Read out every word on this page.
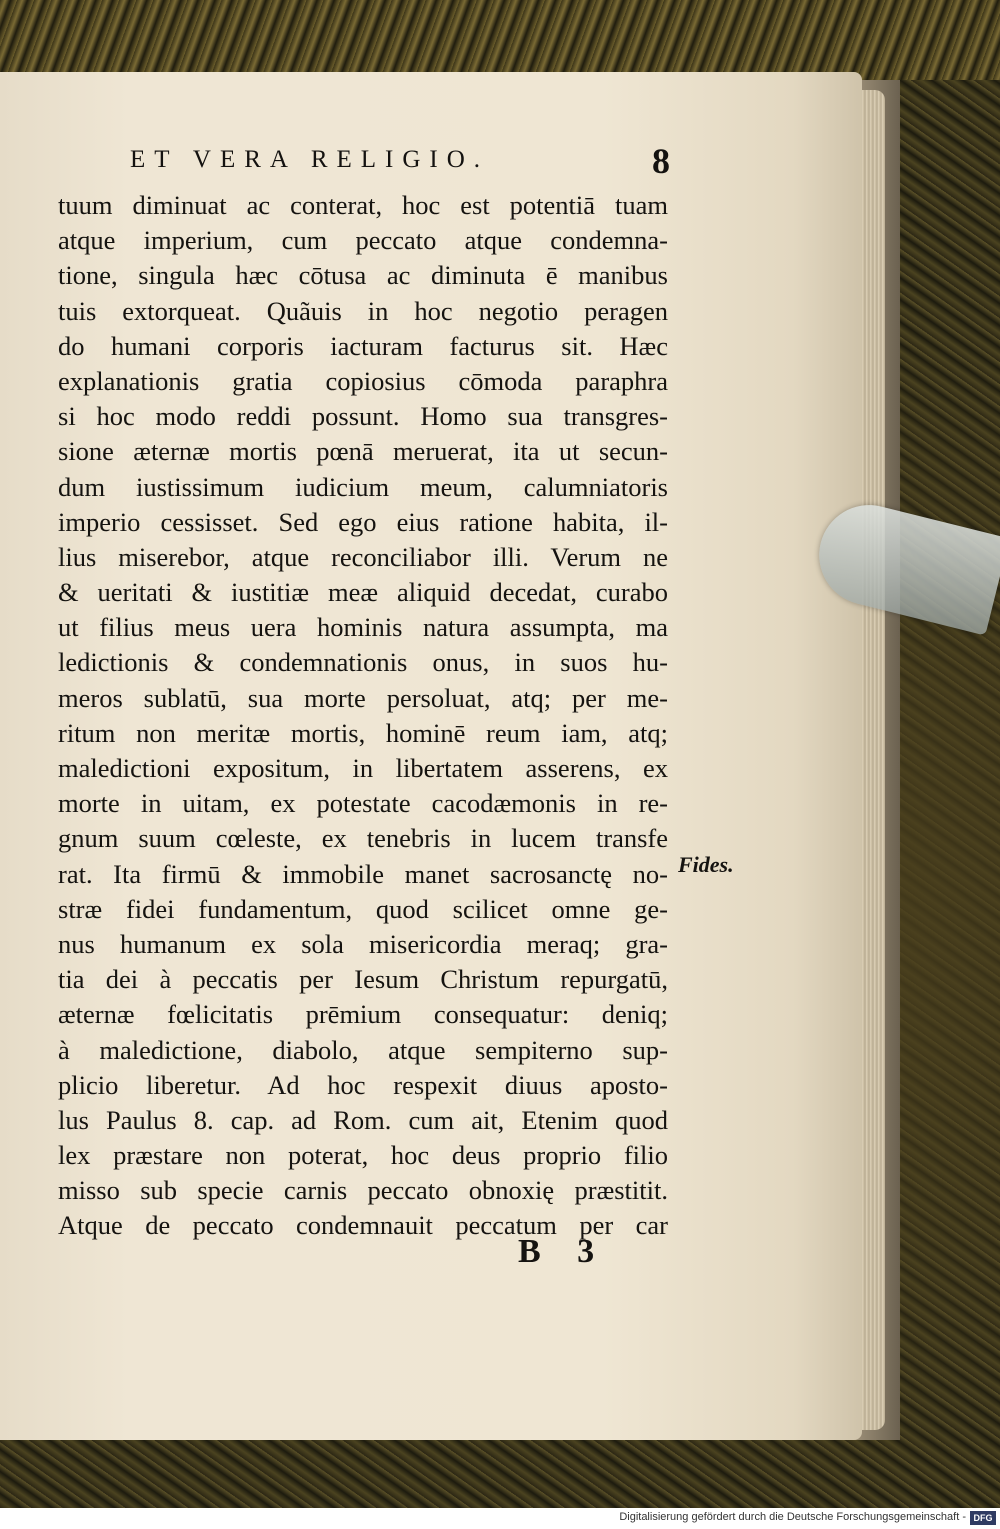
ET VERA RELIGIO.	8
tuum diminuat ac conterat, hoc est potentiā tuam
atque imperium, cum peccato atque condemna-
tione, singula hæc cōtusa ac diminuta ē manibus
tuis extorqueat. Quãuis in hoc negotio peragen
do humani corporis iacturam facturus sit. Hæc
explanationis gratia copiosius cōmoda paraphra
si hoc modo reddi possunt. Homo sua transgres-
sione æternæ mortis pœnā meruerat, ita ut secun-
dum iustissimum iudicium meum, calumniatoris
imperio cessisset. Sed ego eius ratione habita, il-
lius miserebor, atque reconciliabor illi. Verum ne
& ueritati & iustitiæ meæ aliquid decedat, curabo
ut filius meus uera hominis natura assumpta, ma
ledictionis & condemnationis onus, in suos hu-
meros sublatū, sua morte persoluat, atq; per me-
ritum non meritæ mortis, hominē reum iam, atq;
maledictioni expositum, in libertatem asserens, ex
morte in uitam, ex potestate cacodæmonis in re-
gnum suum cœleste, ex tenebris in lucem transfe
rat. Ita firmū & immobile manet sacrosanctę no-
stræ fidei fundamentum, quod scilicet omne ge-
nus humanum ex sola misericordia meraq; gra-
tia dei à peccatis per Iesum Christum repurgatū,
æternæ fœlicitatis prēmium consequatur: deniq;
à maledictione, diabolo, atque sempiterno sup-
plicio liberetur. Ad hoc respexit diuus aposto-
lus Paulus 8. cap. ad Rom. cum ait, Etenim quod
lex præstare non poterat, hoc deus proprio filio
misso sub specie carnis peccato obnoxię præstitit.
Atque de peccato condemnauit peccatum per car
Fides.
B 3
Digitalisierung gefördert durch die Deutsche Forschungsgemeinschaft - DFG
